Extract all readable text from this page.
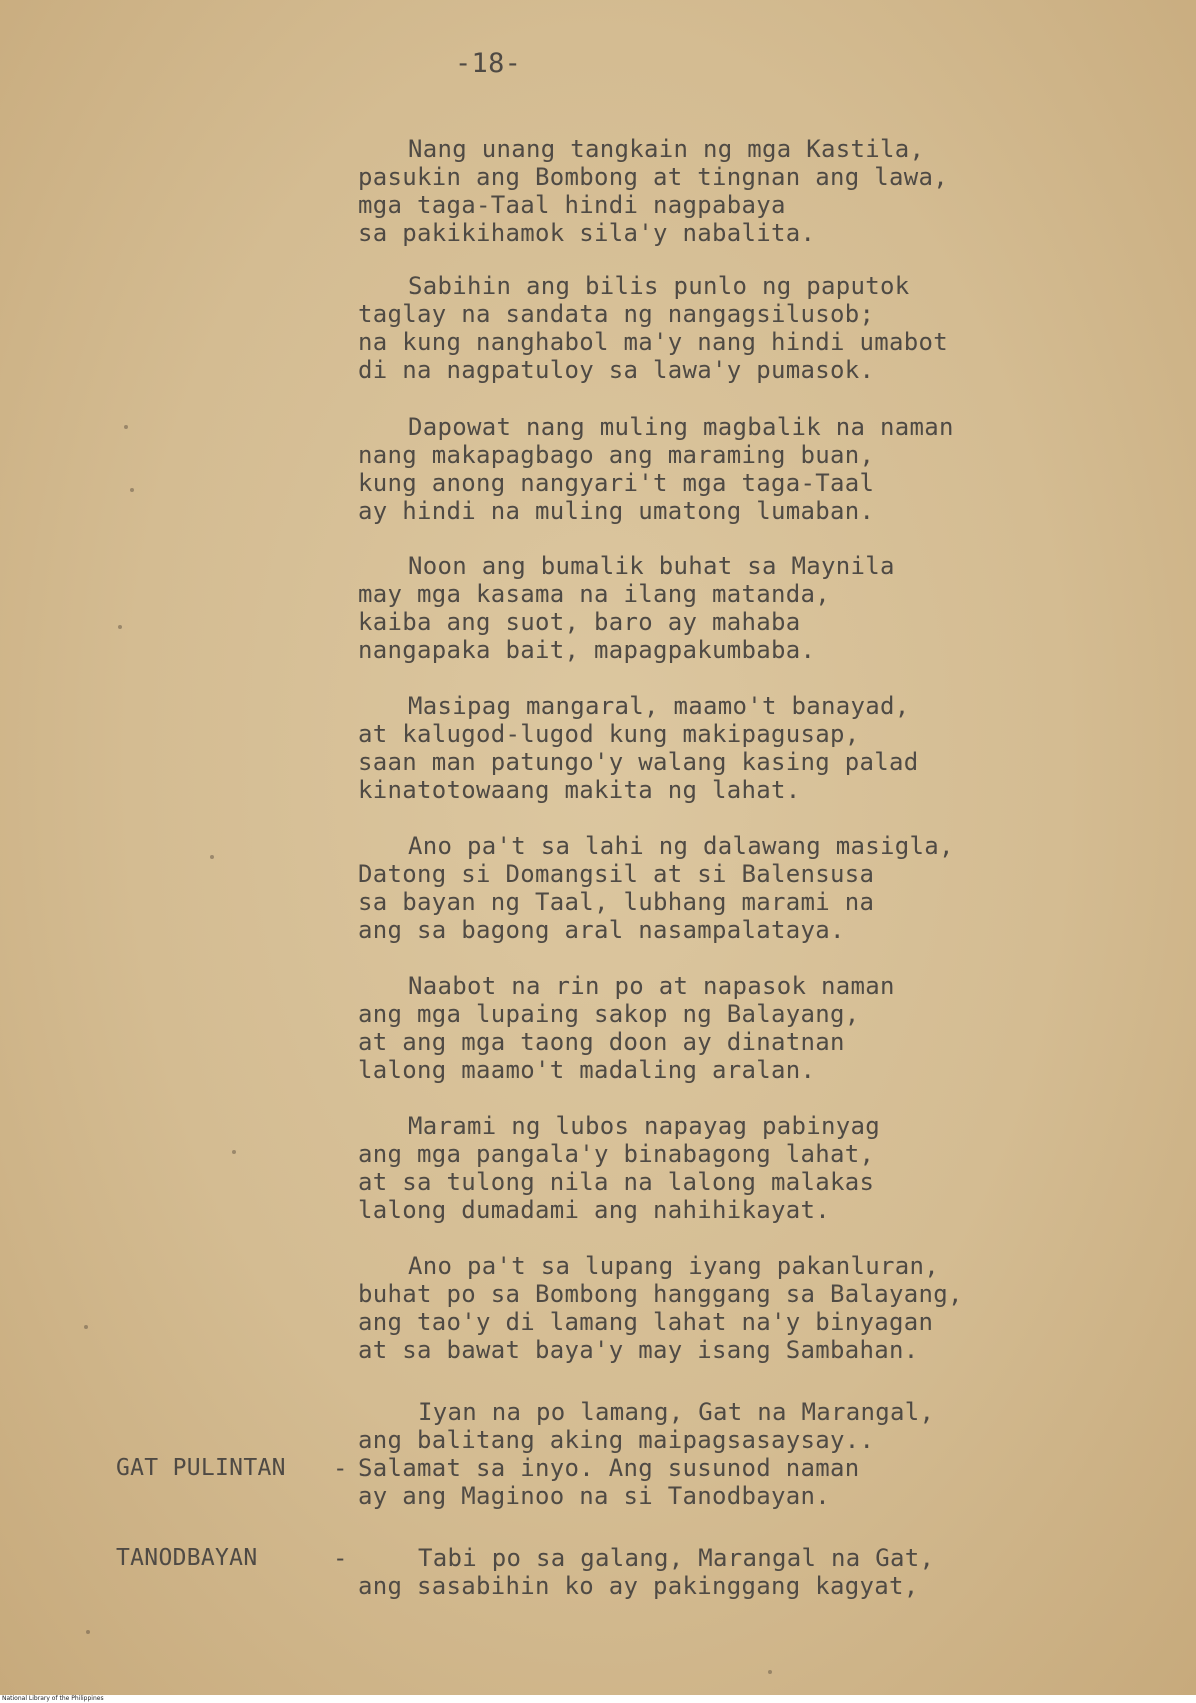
-18-
Nang unang tangkain ng mga Kastila,
pasukin ang Bombong at tingnan ang lawa,
mga taga-Taal hindi nagpabaya
sa pakikihamok sila'y nabalita.
Sabihin ang bilis punlo ng paputok
taglay na sandata ng nangagsilusob;
na kung nanghabol ma'y nang hindi umabot
di na nagpatuloy sa lawa'y pumasok.
Dapowat nang muling magbalik na naman
nang makapagbago ang maraming buan,
kung anong nangyari't mga taga-Taal
ay hindi na muling umatong lumaban.
Noon ang bumalik buhat sa Maynila
may mga kasama na ilang matanda,
kaiba ang suot, baro ay mahaba
nangapaka bait, mapagpakumbaba.
Masipag mangaral, maamo't banayad,
at kalugod-lugod kung makipagusap,
saan man patungo'y walang kasing palad
kinatotowaang makita ng lahat.
Ano pa't sa lahi ng dalawang masigla,
Datong si Domangsil at si Balensusa
sa bayan ng Taal, lubhang marami na
ang sa bagong aral nasampalataya.
Naabot na rin po at napasok naman
ang mga lupaing sakop ng Balayang,
at ang mga taong doon ay dinatnan
lalong maamo't madaling aralan.
Marami ng lubos napayag pabinyag
ang mga pangala'y binabagong lahat,
at sa tulong nila na lalong malakas
lalong dumadami ang nahihikayat.
Ano pa't sa lupang iyang pakanluran,
buhat po sa Bombong hanggang sa Balayang,
ang tao'y di lamang lahat na'y binyagan
at sa bawat baya'y may isang Sambahan.
Iyan na po lamang, Gat na Marangal,
ang balitang aking maipagsasaysay..
GAT PULINTAN - Salamat sa inyo. Ang susunod naman
ay ang Maginoo na si Tanodbayan.
TANODBAYAN	-	Tabi po sa galang, Marangal na Gat,
ang sasabihin ko ay pakinggang kagyat,
National Library of the Philippines
